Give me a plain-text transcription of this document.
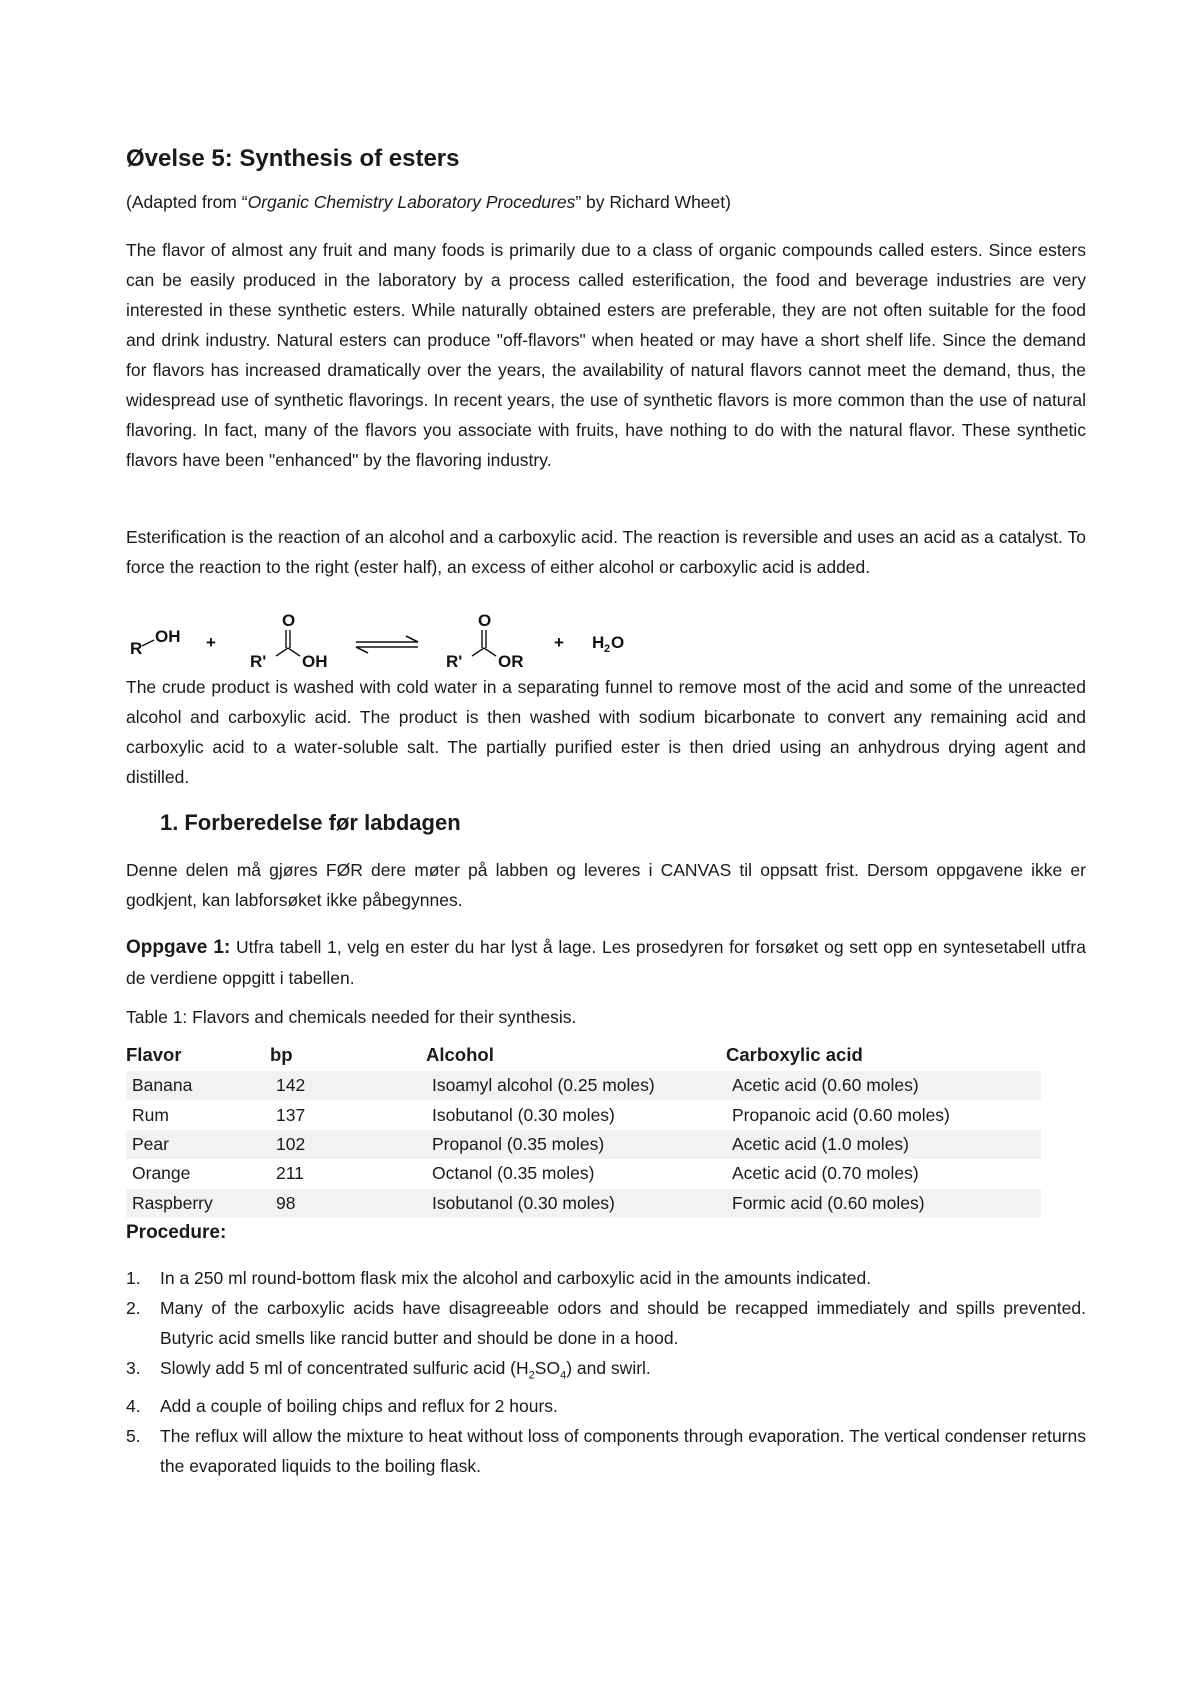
Øvelse 5: Synthesis of esters

(Adapted from “Organic Chemistry Laboratory Procedures” by Richard Wheet)

The flavor of almost any fruit and many foods is primarily due to a class of organic compounds called esters. Since esters can be easily produced in the laboratory by a process called esterification, the food and beverage industries are very interested in these synthetic esters. While naturally obtained esters are preferable, they are not often suitable for the food and drink industry. Natural esters can produce "off-flavors" when heated or may have a short shelf life. Since the demand for flavors has increased dramatically over the years, the availability of natural flavors cannot meet the demand, thus, the widespread use of synthetic flavorings. In recent years, the use of synthetic flavors is more common than the use of natural flavoring. In fact, many of the flavors you associate with fruits, have nothing to do with the natural flavor. These synthetic flavors have been "enhanced" by the flavoring industry.

Esterification is the reaction of an alcohol and a carboxylic acid. The reaction is reversible and uses an acid as a catalyst. To force the reaction to the right (ester half), an excess of either alcohol or carboxylic acid is added.

R
OH +
O
R' OH
O
R' OR
+ H 2 O

The crude product is washed with cold water in a separating funnel to remove most of the acid and some of the unreacted alcohol and carboxylic acid. The product is then washed with sodium bicarbonate to convert any remaining acid and carboxylic acid to a water-soluble salt. The partially purified ester is then dried using an anhydrous drying agent and distilled.

1. Forberedelse før labdagen

Denne delen må gjøres FØR dere møter på labben og leveres i CANVAS til oppsatt frist. Dersom oppgavene ikke er godkjent, kan labforsøket ikke påbegynnes.

Oppgave 1: Utfra tabell 1, velg en ester du har lyst å lage. Les prosedyren for forsøket og sett opp en syntesetabell utfra de verdiene oppgitt i tabellen.

Table 1: Flavors and chemicals needed for their synthesis.

Flavor	bp	Alcohol	Carboxylic acid
Banana	142	Isoamyl alcohol (0.25 moles)	Acetic acid (0.60 moles)
Rum	137	Isobutanol (0.30 moles)	Propanoic acid (0.60 moles)
Pear	102	Propanol (0.35 moles)	Acetic acid (1.0 moles)
Orange	211	Octanol (0.35 moles)	Acetic acid (0.70 moles)
Raspberry	98	Isobutanol (0.30 moles)	Formic acid (0.60 moles)

Procedure:

1. In a 250 ml round-bottom flask mix the alcohol and carboxylic acid in the amounts indicated.
2. Many of the carboxylic acids have disagreeable odors and should be recapped immediately and spills prevented. Butyric acid smells like rancid butter and should be done in a hood.
3. Slowly add 5 ml of concentrated sulfuric acid $(H_2SO_4)$ and swirl.
4. Add a couple of boiling chips and reflux for 2 hours.
5. The reflux will allow the mixture to heat without loss of components through evaporation. The vertical condenser returns the evaporated liquids to the boiling flask.
